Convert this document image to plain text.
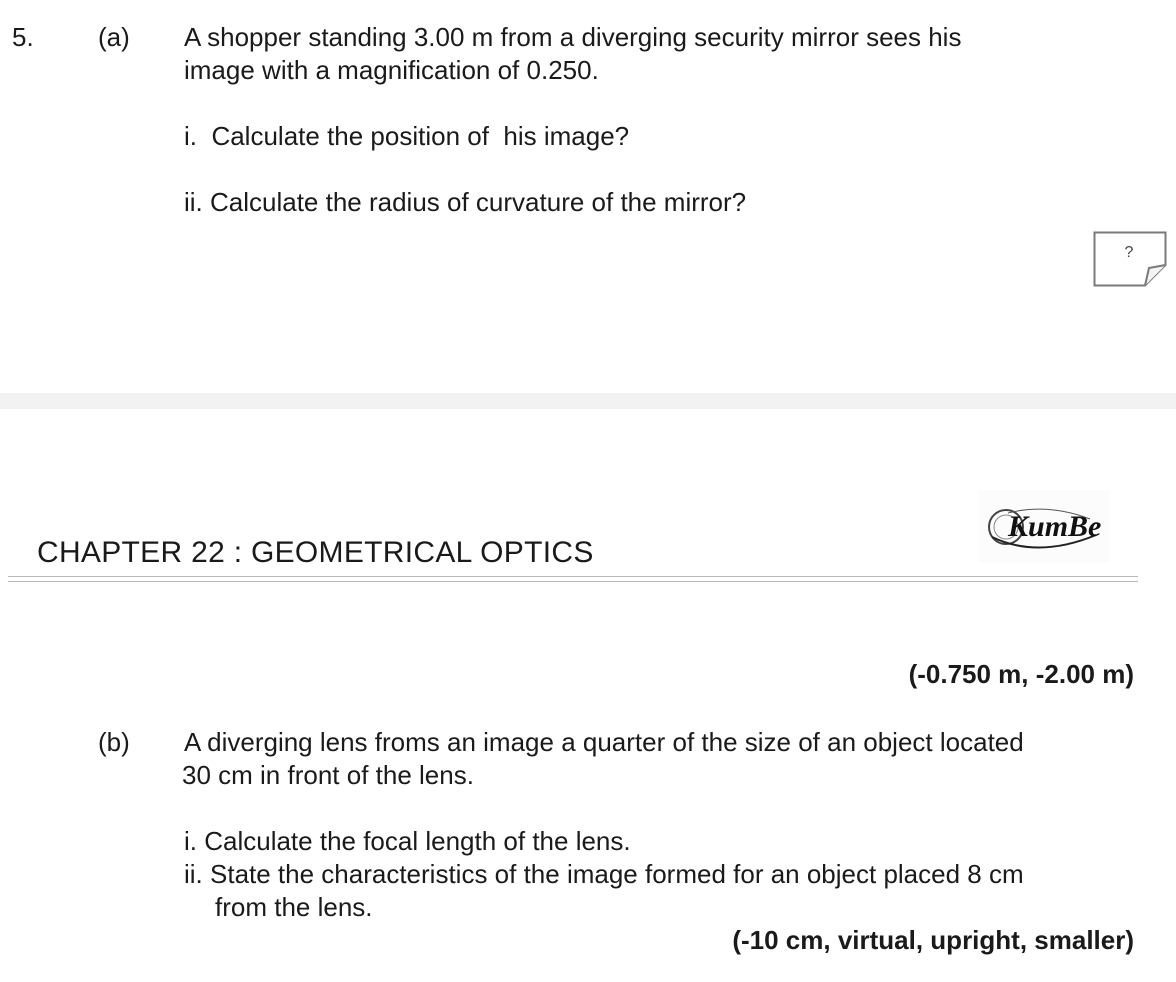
5. (a) A shopper standing 3.00 m from a diverging security mirror sees his
image with a magnification of 0.250.
i.  Calculate the position of  his image?
ii. Calculate the radius of curvature of the mirror?
?
CHAPTER 22 : GEOMETRICAL OPTICS
KumBe
(-0.750 m, -2.00 m)
(b) A diverging lens froms an image a quarter of the size of an object located
30 cm in front of the lens.
i. Calculate the focal length of the lens.
ii. State the characteristics of the image formed for an object placed 8 cm
from the lens.
(-10 cm, virtual, upright, smaller)
